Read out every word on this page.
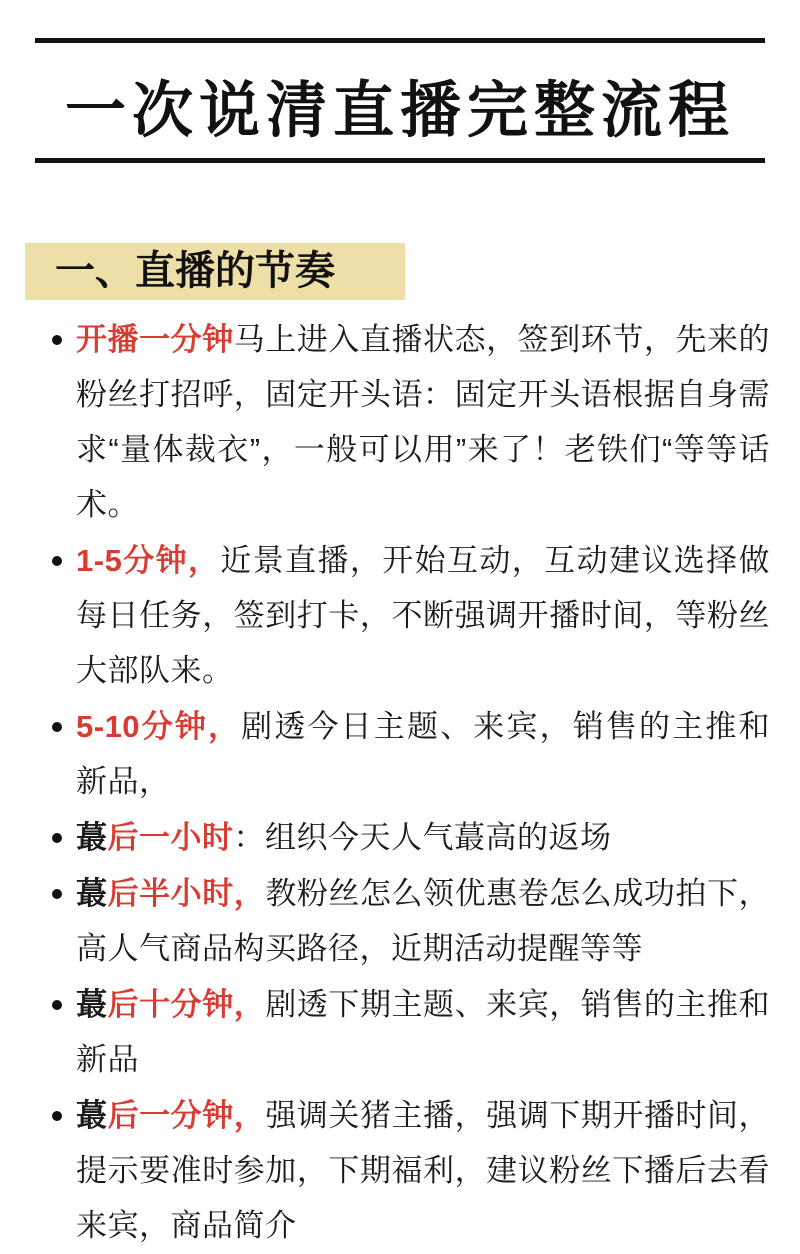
一次说清直播完整流程
一、直播的节奏
开播一分钟马上进入直播状态，签到环节，先来的粉丝打招呼，固定开头语：固定开头语根据自身需求“量体裁衣”，一般可以用”来了！老铁们“等等话术。
1-5分钟，近景直播，开始互动，互动建议选择做每日任务，签到打卡，不断强调开播时间，等粉丝大部队来。
5-10分钟，剧透今日主题、来宾，销售的主推和新品，
蕞后一小时：组织今天人气蕞高的返场
蕞后半小时，教粉丝怎么领优惠卷怎么成功拍下，高人气商品构买路径，近期活动提醒等等
蕞后十分钟，剧透下期主题、来宾，销售的主推和新品
蕞后一分钟，强调关猪主播，强调下期开播时间，提示要准时参加，下期福利，建议粉丝下播后去看来宾，商品简介
